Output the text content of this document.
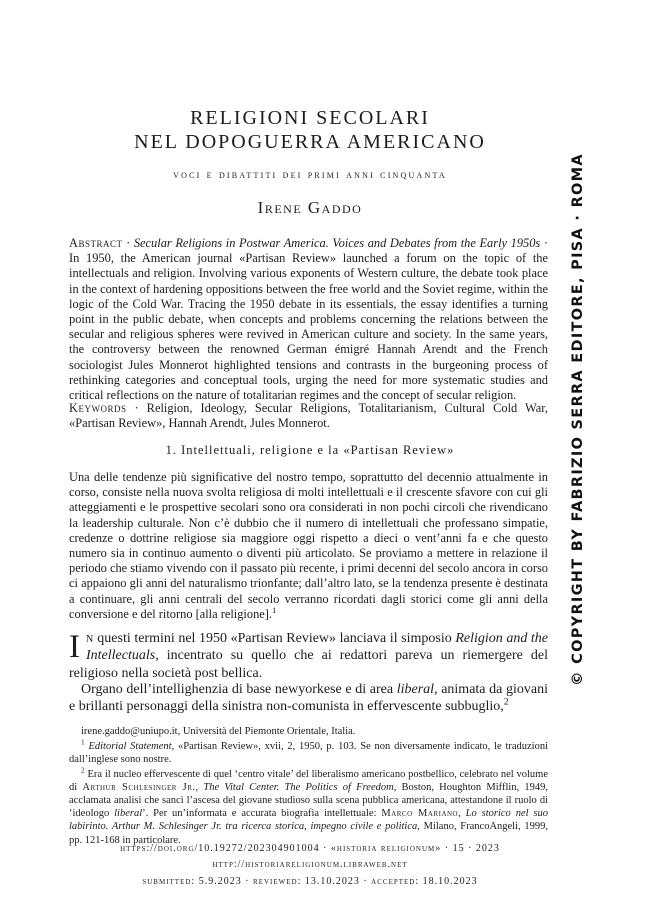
RELIGIONI SECOLARI
NEL DOPOGUERRA AMERICANO
voci e dibattiti dei primi anni cinquanta
Irene Gaddo
Abstract · Secular Religions in Postwar America. Voices and Debates from the Early 1950s · In 1950, the American journal «Partisan Review» launched a forum on the topic of the intellectuals and religion. Involving various exponents of Western culture, the debate took place in the context of hardening oppositions between the free world and the Soviet regime, within the logic of the Cold War. Tracing the 1950 debate in its essentials, the essay identifies a turning point in the public debate, when concepts and problems concerning the relations between the secular and religious spheres were revived in American culture and society. In the same years, the controversy between the renowned German émigré Hannah Arendt and the French sociologist Jules Monnerot highlighted tensions and contrasts in the burgeoning process of rethinking categories and conceptual tools, urging the need for more systematic studies and critical reflections on the nature of totalitarian regimes and the concept of secular religion.
Keywords · Religion, Ideology, Secular Religions, Totalitarianism, Cultural Cold War, «Partisan Review», Hannah Arendt, Jules Monnerot.
1. Intellettuali, religione e la «Partisan Review»
Una delle tendenze più significative del nostro tempo, soprattutto del decennio attualmente in corso, consiste nella nuova svolta religiosa di molti intellettuali e il crescente sfavore con cui gli atteggiamenti e le prospettive secolari sono ora considerati in non pochi circoli che rivendicano la leadership culturale. Non c’è dubbio che il numero di intellettuali che professano simpatie, credenze o dottrine religiose sia maggiore oggi rispetto a dieci o vent’anni fa e che questo numero sia in continuo aumento o diventi più articolato. Se proviamo a mettere in relazione il periodo che stiamo vivendo con il passato più recente, i primi decenni del secolo ancora in corso ci appaiono gli anni del naturalismo trionfante; dall’altro lato, se la tendenza presente è destinata a continuare, gli anni centrali del secolo verranno ricordati dagli storici come gli anni della conversione e del ritorno [alla religione].$^1$
In questi termini nel 1950 «Partisan Review» lanciava il simposio Religion and the Intellectuals, incentrato su quello che ai redattori pareva un riemergere del religioso nella società post bellica.
Organo dell’intellighenzia di base newyorkese e di area liberal, animata da giovani e brillanti personaggi della sinistra non-comunista in effervescente subbuglio,$^2$
irene.gaddo@uniupo.it, Università del Piemonte Orientale, Italia.
$^1$ Editorial Statement, «Partisan Review», xvii, 2, 1950, p. 103. Se non diversamente indicato, le traduzioni dall’inglese sono nostre.
$^2$ Era il nucleo effervescente di quel ‘centro vitale’ del liberalismo americano postbellico, celebrato nel volume di Arthur Schlesinger Jr., The Vital Center. The Politics of Freedom, Boston, Houghton Mifflin, 1949, acclamata analisi che sancì l’ascesa del giovane studioso sulla scena pubblica americana, attestandone il ruolo di ‘ideologo liberal’. Per un’informata e accurata biografia intellettuale: Marco Mariano, Lo storico nel suo labirinto. Arthur M. Schlesinger Jr. tra ricerca storica, impegno civile e politica, Milano, FrancoAngeli, 1999, pp. 121-168 in particolare.
https://doi.org/10.19272/202304901004 · «historia religionum» · 15 · 2023
http://historiareligionum.libraweb.net
submitted: 5.9.2023 · reviewed: 13.10.2023 · accepted: 18.10.2023
© COPYRIGHT BY FABRIZIO SERRA EDITORE, PISA · ROMA
